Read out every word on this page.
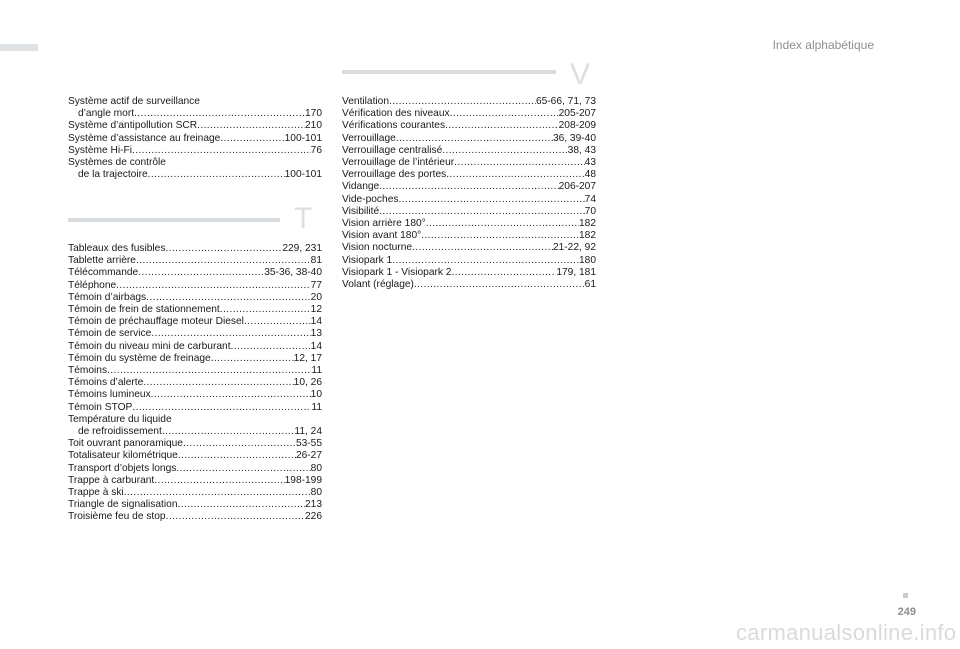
Index alphabétique
Système actif de surveillance
d’angle mort .....	170
Système d’antipollution SCR .....	210
Système d’assistance au freinage .....	100-101
Système Hi-Fi .....	76
Systèmes de contrôle
de la trajectoire .....	100-101
T
Tableaux des fusibles .....	229, 231
Tablette arrière .....	81
Télécommande .....	35-36, 38-40
Téléphone .....	77
Témoin d’airbags .....	20
Témoin de frein de stationnement .....	12
Témoin de préchauffage moteur Diesel .....	14
Témoin de service .....	13
Témoin du niveau mini de carburant .....	14
Témoin du système de freinage .....	12, 17
Témoins .....	11
Témoins d’alerte .....	10, 26
Témoins lumineux .....	10
Témoin STOP .....	11
Température du liquide
de refroidissement .....	11, 24
Toit ouvrant panoramique .....	53-55
Totalisateur kilométrique .....	26-27
Transport d’objets longs .....	80
Trappe à carburant .....	198-199
Trappe à ski .....	80
Triangle de signalisation .....	213
Troisième feu de stop .....	226
V
Ventilation .....	65-66, 71, 73
Vérification des niveaux .....	205-207
Vérifications courantes .....	208-209
Verrouillage .....	36, 39-40
Verrouillage centralisé .....	38, 43
Verrouillage de l’intérieur .....	43
Verrouillage des portes .....	48
Vidange .....	206-207
Vide-poches .....	74
Visibilité .....	70
Vision arrière 180° .....	182
Vision avant 180° .....	182
Vision nocturne .....	21-22, 92
Visiopark 1 .....	180
Visiopark 1 - Visiopark 2 .....	179, 181
Volant (réglage) .....	61
249
carmanualsonline.info
